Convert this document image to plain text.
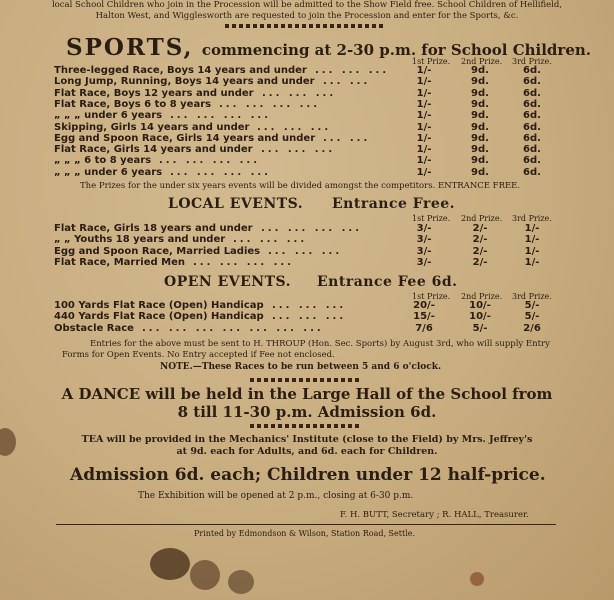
local School Children who join in the Procession will be admitted to the Show Field free. School Children of Hellifield,
Halton West, and Wigglesworth are requested to join the Procession and enter for the Sports, &c.
SPORTS, commencing at 2-30 p.m. for School Children.
1st Prize. 2nd Prize. 3rd Prize.
Three-legged Race, Boys 14 years and under ... ... ...	1/-	9d.	6d.
Long Jump, Running, Boys 14 years and under ... ...	1/-	9d.	6d.
Flat Race, Boys 12 years and under ... ... ...	1/-	9d.	6d.
Flat Race, Boys 6 to 8 years ... ... ... ...	1/-	9d.	6d.
„ „ „ under 6 years ... ... ... ...	1/-	9d.	6d.
Skipping, Girls 14 years and under ... ... ...	1/-	9d.	6d.
Egg and Spoon Race, Girls 14 years and under ... ...	1/-	9d.	6d.
Flat Race, Girls 14 years and under ... ... ...	1/-	9d.	6d.
„ „ „ 6 to 8 years ... ... ... ...	1/-	9d.	6d.
„ „ „ under 6 years ... ... ... ...	1/-	9d.	6d.
The Prizes for the under six years events will be divided amongst the competitors. ENTRANCE FREE.
LOCAL EVENTS. Entrance Free.
1st Prize. 2nd Prize. 3rd Prize.
Flat Race, Girls 18 years and under ... ... ... ...	3/-	2/-	1/-
„ „ Youths 18 years and under ... ... ...	3/-	2/-	1/-
Egg and Spoon Race, Married Ladies ... ... ...	3/-	2/-	1/-
Flat Race, Married Men ... ... ... ...	3/-	2/-	1/-
OPEN EVENTS. Entrance Fee 6d.
1st Prize. 2nd Prize. 3rd Prize.
100 Yards Flat Race (Open) Handicap ... ... ...	20/-	10/-	5/-
440 Yards Flat Race (Open) Handicap ... ... ...	15/-	10/-	5/-
Obstacle Race ... ... ... ... ... ... ...	7/6	5/-	2/6
Entries for the above must be sent to H. THROUP (Hon. Sec. Sports) by August 3rd, who will supply Entry
Forms for Open Events. No Entry accepted if Fee not enclosed.
NOTE.—These Races to be run between 5 and 6 o'clock.
A DANCE will be held in the Large Hall of the School from
8 till 11-30 p.m. Admission 6d.
TEA will be provided in the Mechanics' Institute (close to the Field) by Mrs. Jeffrey's
at 9d. each for Adults, and 6d. each for Children.
Admission 6d. each; Children under 12 half-price.
The Exhibition will be opened at 2 p.m., closing at 6-30 p.m.
F. H. BUTT, Secretary ; R. HALL, Treasurer.
Printed by Edmondson & Wilson, Station Road, Settle.
